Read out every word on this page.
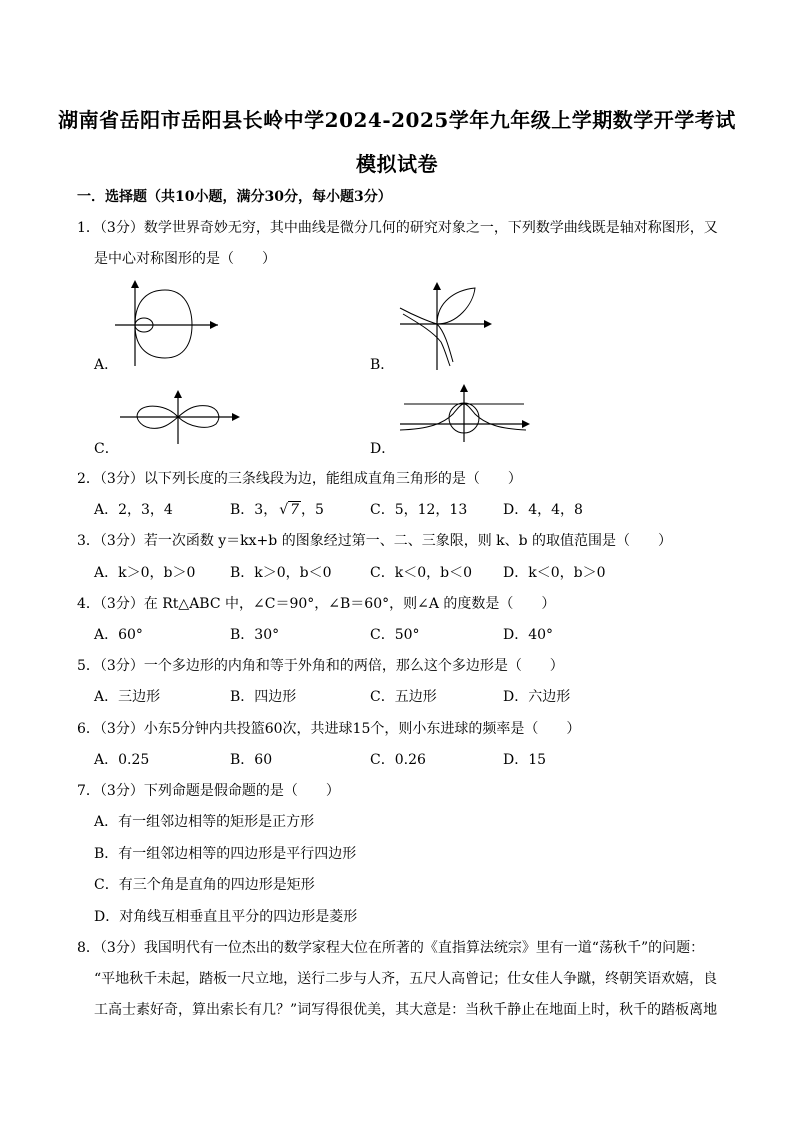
湖南省岳阳市岳阳县长岭中学2024-2025学年九年级上学期数学开学考试
模拟试卷
一．选择题（共10小题，满分30分，每小题3分）
1．（3分）数学世界奇妙无穷，其中曲线是微分几何的研究对象之一，下列数学曲线既是轴对称图形，又
是中心对称图形的是（　　）
A．	B．
C．	D．
2．（3分）以下列长度的三条线段为边，能组成直角三角形的是（　　）
A．2，3，4	B．3， √ 7 ，5	C．5，12，13	D．4，4，8
3．（3分）若一次函数 y＝kx+b 的图象经过第一、二、三象限，则 k、b 的取值范围是（　　）
A．k＞0，b＞0 B．k＞0，b＜0	C．k＜0，b＜0 D．k＜0，b＞0
4．（3分）在 Rt△ABC 中，∠C＝90°，∠B＝60°，则∠A 的度数是（　　）
A．60°	B．30°	C．50°	D．40°
5．（3分）一个多边形的内角和等于外角和的两倍，那么这个多边形是（　　）
A．三边形	B．四边形	C．五边形	D．六边形
6．（3分）小东5分钟内共投篮60次，共进球15个，则小东进球的频率是（　　）
A．0.25	B．60	C．0.26	D．15
7．（3分）下列命题是假命题的是（　　）
A．有一组邻边相等的矩形是正方形
B．有一组邻边相等的四边形是平行四边形
C．有三个角是直角的四边形是矩形
D．对角线互相垂直且平分的四边形是菱形
8．（3分）我国明代有一位杰出的数学家程大位在所著的《直指算法统宗》里有一道“荡秋千”的问题：
“平地秋千未起，踏板一尺立地，送行二步与人齐，五尺人高曾记；仕女佳人争蹴，终朝笑语欢嬉，良
工高士素好奇，算出索长有几？”词写得很优美，其大意是：当秋千静止在地面上时，秋千的踏板离地
